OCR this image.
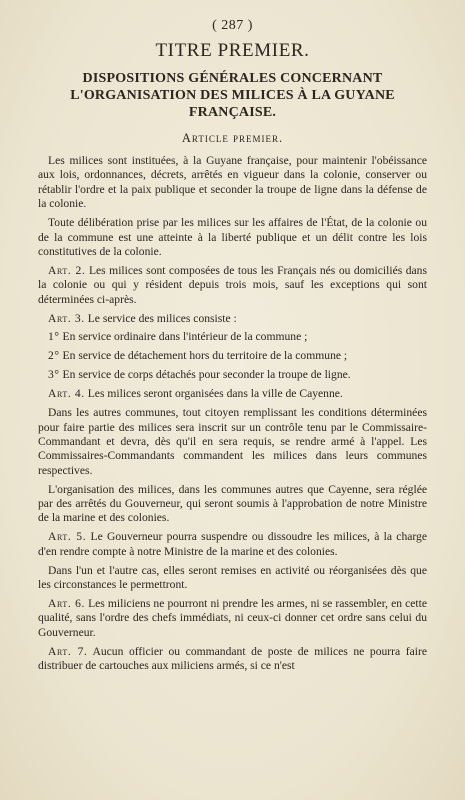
( 287 )
TITRE PREMIER.
DISPOSITIONS GÉNÉRALES CONCERNANT L'ORGANISATION DES MILICES À LA GUYANE FRANÇAISE.
Article premier.

Les milices sont instituées, à la Guyane française, pour maintenir l'obéissance aux lois, ordonnances, décrets, arrêtés en vigueur dans la colonie, conserver ou rétablir l'ordre et la paix publique et seconder la troupe de ligne dans la défense de la colonie.

Toute délibération prise par les milices sur les affaires de l'État, de la colonie ou de la commune est une atteinte à la liberté publique et un délit contre les lois constitutives de la colonie.

Art. 2. Les milices sont composées de tous les Français nés ou domiciliés dans la colonie ou qui y résident depuis trois mois, sauf les exceptions qui sont déterminées ci-après.

Art. 3. Le service des milices consiste :

1° En service ordinaire dans l'intérieur de la commune ;

2° En service de détachement hors du territoire de la commune ;

3° En service de corps détachés pour seconder la troupe de ligne.

Art. 4. Les milices seront organisées dans la ville de Cayenne.

Dans les autres communes, tout citoyen remplissant les conditions déterminées pour faire partie des milices sera inscrit sur un contrôle tenu par le Commissaire-Commandant et devra, dès qu'il en sera requis, se rendre armé à l'appel. Les Commissaires-Commandants commandent les milices dans leurs communes respectives.

L'organisation des milices, dans les communes autres que Cayenne, sera réglée par des arrêtés du Gouverneur, qui seront soumis à l'approbation de notre Ministre de la marine et des colonies.

Art. 5. Le Gouverneur pourra suspendre ou dissoudre les milices, à la charge d'en rendre compte à notre Ministre de la marine et des colonies.

Dans l'un et l'autre cas, elles seront remises en activité ou réorganisées dès que les circonstances le permettront.

Art. 6. Les miliciens ne pourront ni prendre les armes, ni se rassembler, en cette qualité, sans l'ordre des chefs immédiats, ni ceux-ci donner cet ordre sans celui du Gouverneur.

Art. 7. Aucun officier ou commandant de poste de milices ne pourra faire distribuer de cartouches aux miliciens armés, si ce n'est
